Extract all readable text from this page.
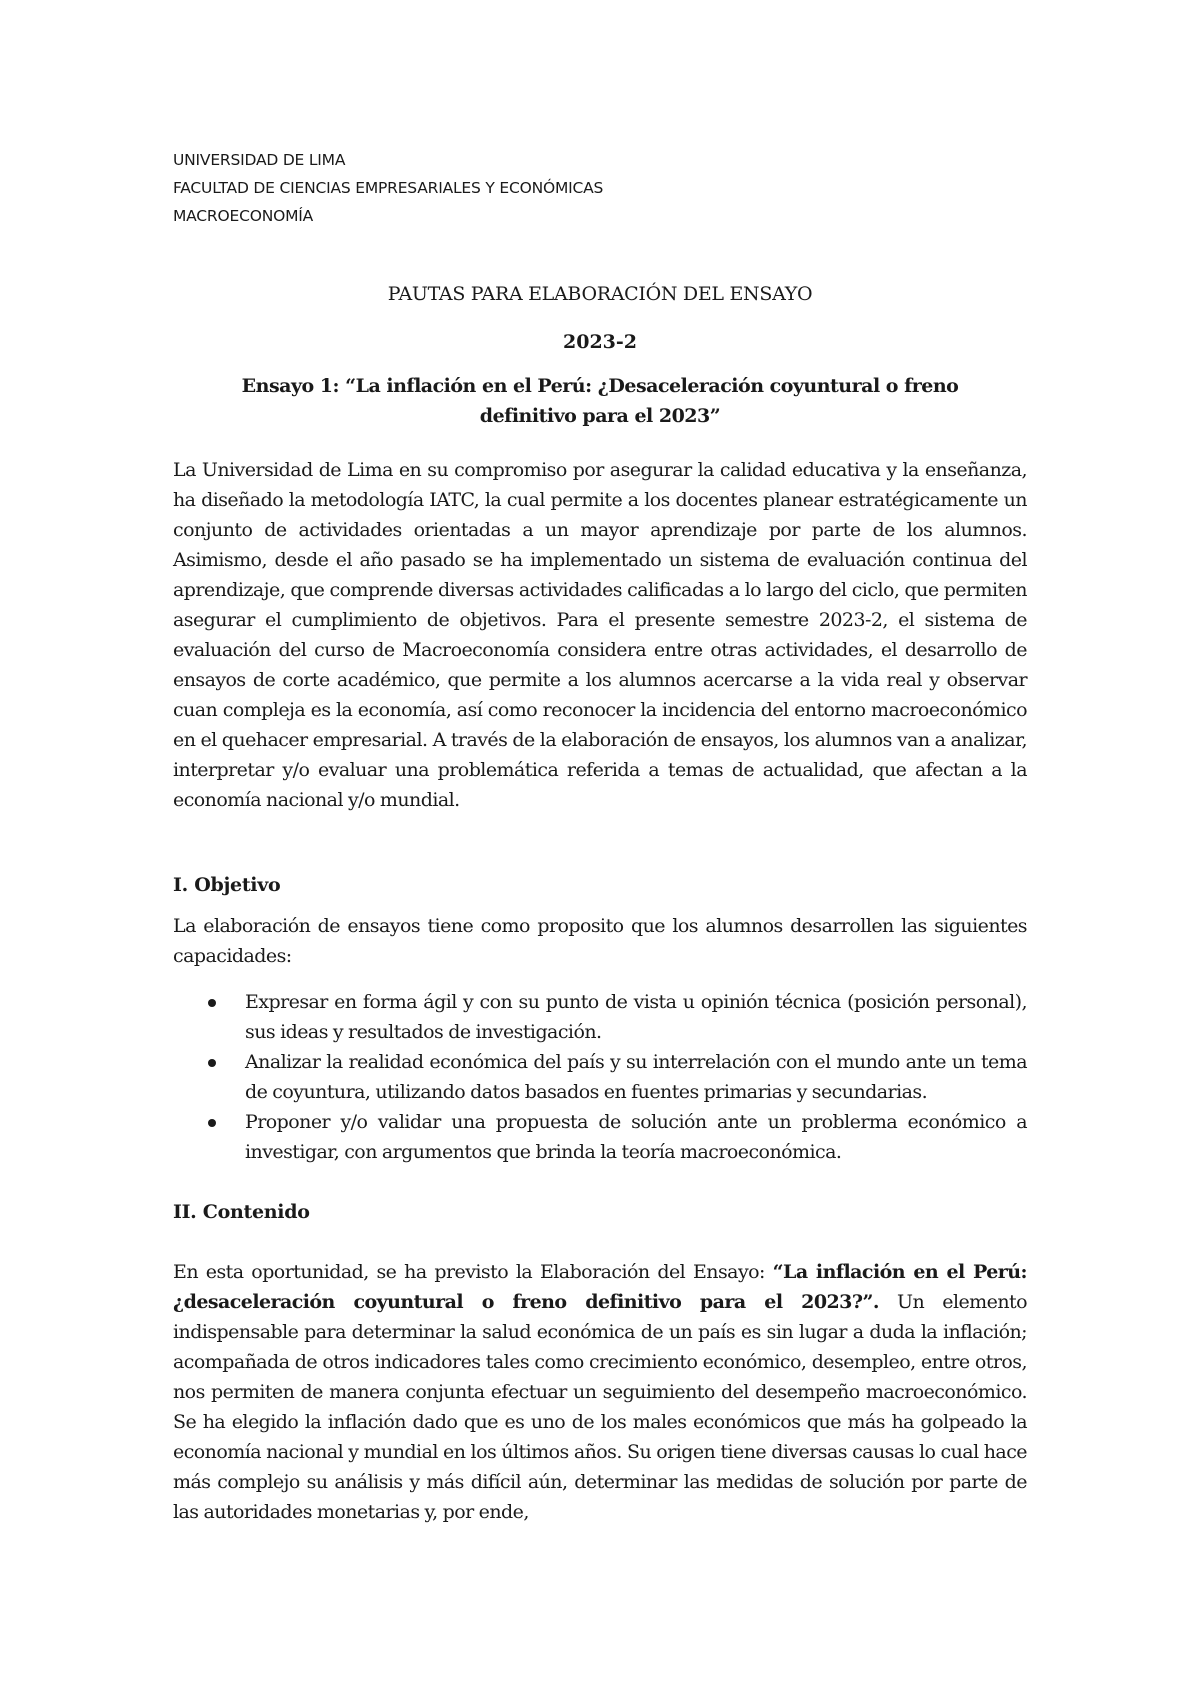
UNIVERSIDAD DE LIMA
FACULTAD DE CIENCIAS EMPRESARIALES Y ECONÓMICAS
MACROECONOMÍA
PAUTAS PARA ELABORACIÓN DEL ENSAYO
2023-2
Ensayo 1: “La inflación en el Perú: ¿Desaceleración coyuntural o freno definitivo para el 2023”
La Universidad de Lima en su compromiso por asegurar la calidad educativa y la enseñanza, ha diseñado la metodología IATC, la cual permite a los docentes planear estratégicamente un conjunto de actividades orientadas a un mayor aprendizaje por parte de los alumnos. Asimismo, desde el año pasado se ha implementado un sistema de evaluación continua del aprendizaje, que comprende diversas actividades calificadas a lo largo del ciclo, que permiten asegurar el cumplimiento de objetivos. Para el presente semestre 2023-2, el sistema de evaluación del curso de Macroeconomía considera entre otras actividades, el desarrollo de ensayos de corte académico, que permite a los alumnos acercarse a la vida real y observar cuan compleja es la economía, así como reconocer la incidencia del entorno macroeconómico en el quehacer empresarial. A través de la elaboración de ensayos, los alumnos van a analizar, interpretar y/o evaluar una problemática referida a temas de actualidad, que afectan a la economía nacional y/o mundial.
I. Objetivo
La elaboración de ensayos tiene como proposito que los alumnos desarrollen las siguientes capacidades:
Expresar en forma ágil y con su punto de vista u opinión técnica (posición personal), sus ideas y resultados de investigación.
Analizar la realidad económica del país y su interrelación con el mundo ante un tema de coyuntura, utilizando datos basados en fuentes primarias y secundarias.
Proponer y/o validar una propuesta de solución ante un problerma económico a investigar, con argumentos que brinda la teoría macroeconómica.
II. Contenido
En esta oportunidad, se ha previsto la Elaboración del Ensayo: “La inflación en el Perú: ¿desaceleración coyuntural o freno definitivo para el 2023?”. Un elemento indispensable para determinar la salud económica de un país es sin lugar a duda la inflación; acompañada de otros indicadores tales como crecimiento económico, desempleo, entre otros, nos permiten de manera conjunta efectuar un seguimiento del desempeño macroeconómico. Se ha elegido la inflación dado que es uno de los males económicos que más ha golpeado la economía nacional y mundial en los últimos años. Su origen tiene diversas causas lo cual hace más complejo su análisis y más difícil aún, determinar las medidas de solución por parte de las autoridades monetarias y, por ende,
